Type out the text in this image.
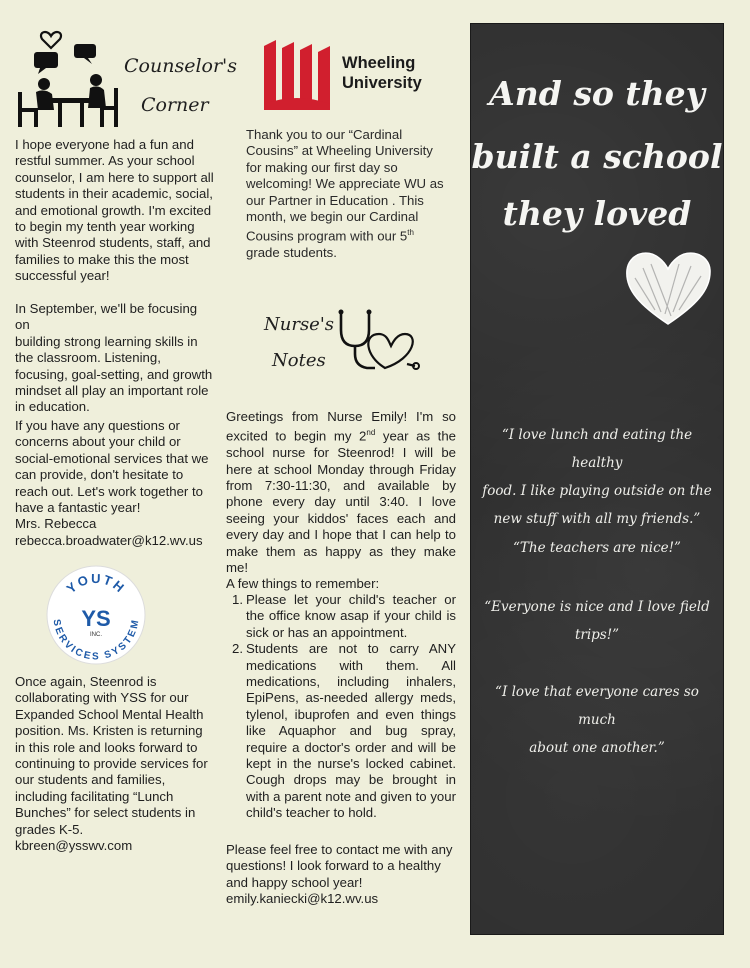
Counselor's
Corner
I hope everyone had a fun and
restful summer. As your school
counselor, I am here to support all
students in their academic, social,
and emotional growth. I'm excited
to begin my tenth year working
with Steenrod students, staff, and
families to make this the most
successful year!
In September, we'll be focusing on
building strong learning skills in
the classroom. Listening,
focusing, goal-setting, and growth
mindset all play an important role
in education.
If you have any questions or
concerns about your child or
social-emotional services that we
can provide, don't hesitate to
reach out. Let's work together to
have a fantastic year!
Mrs. Rebecca
rebecca.broadwater@k12.wv.us
YOUTH
SERVICES SYSTEM
YS
INC.
Once again, Steenrod is
collaborating with YSS for our
Expanded School Mental Health
position. Ms. Kristen is returning
in this role and looks forward to
continuing to provide services for
our students and families,
including facilitating “Lunch
Bunches” for select students in
grades K-5.
kbreen@ysswv.com
Wheeling
University
Thank you to our “Cardinal
Cousins” at Wheeling University
for making our first day so
welcoming! We appreciate WU as
our Partner in Education . This
month, we begin our Cardinal
Cousins program with our 5th
grade students.
Nurse's
Notes
Greetings from Nurse Emily! I'm so excited to begin my 2nd year as the school nurse for Steenrod! I will be here at school Monday through Friday from 7:30-11:30, and available by phone every day until 3:40. I love seeing your kiddos' faces each and every day and I hope that I can help to make them as happy as they make me!
A few things to remember:
1. Please let your child's teacher or the office know asap if your child is sick or has an appointment.
2. Students are not to carry ANY medications with them. All medications, including inhalers, EpiPens, as-needed allergy meds, tylenol, ibuprofen and even things like Aquaphor and bug spray, require a doctor's order and will be kept in the nurse's locked cabinet. Cough drops may be brought in with a parent note and given to your child's teacher to hold.
Please feel free to contact me with any
questions! I look forward to a healthy
and happy school year!
emily.kaniecki@k12.wv.us
And so they
built a school
they loved
“I love lunch and eating the healthy
food. I like playing outside on the
new stuff with all my friends.”
“The teachers are nice!”
“Everyone is nice and I love field
trips!”
“I love that everyone cares so much
about one another.”
